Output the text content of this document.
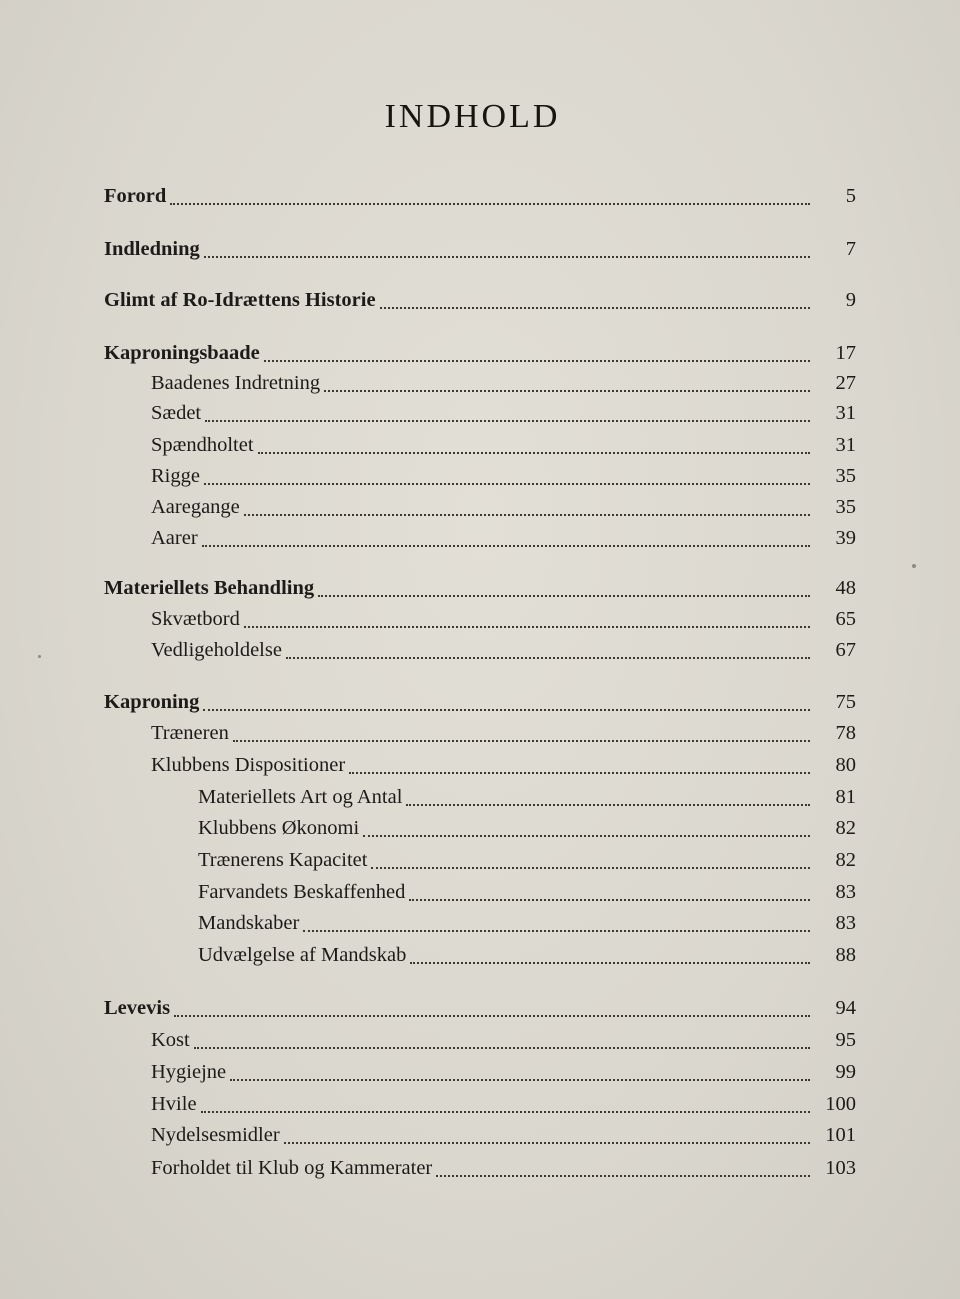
INDHOLD
Forord	5
Indledning	7
Glimt af Ro-Idrættens Historie	9
Kaproningsbaade	17
Baadenes Indretning	27
Sædet	31
Spændholtet	31
Rigge	35
Aaregange	35
Aarer	39
Materiellets Behandling	48
Skvætbord	65
Vedligeholdelse	67
Kaproning	75
Træneren	78
Klubbens Dispositioner	80
Materiellets Art og Antal	81
Klubbens Økonomi	82
Trænerens Kapacitet	82
Farvandets Beskaffenhed	83
Mandskaber	83
Udvælgelse af Mandskab	88
Levevis	94
Kost	95
Hygiejne	99
Hvile	100
Nydelsesmidler	101
Forholdet til Klub og Kammerater	103
